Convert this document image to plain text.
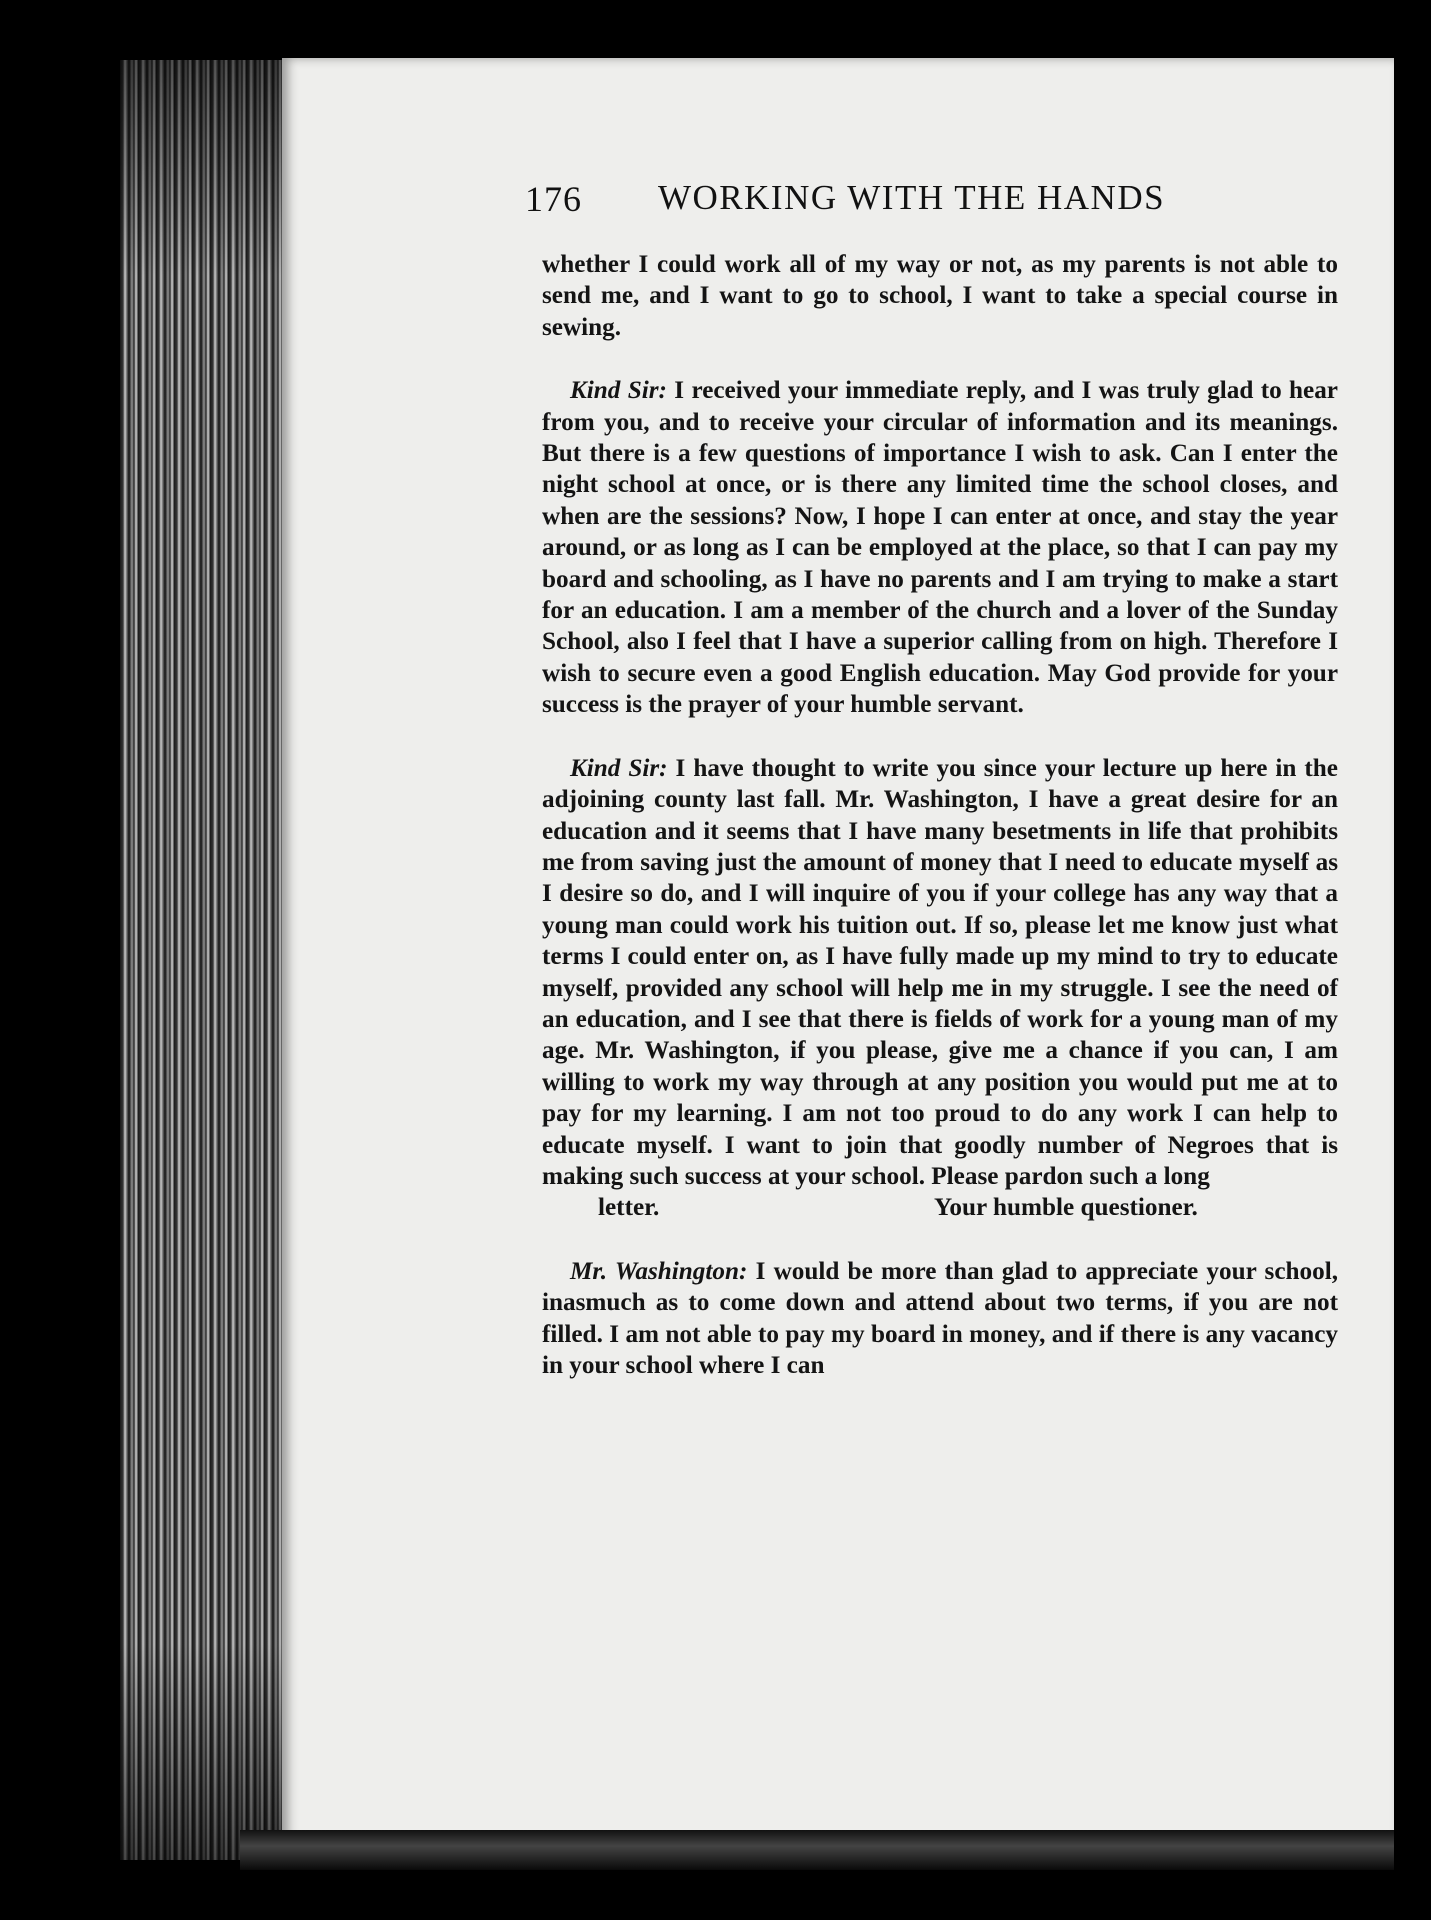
176 WORKING WITH THE HANDS

whether I could work all of my way or not, as my parents is not able to send me, and I want to go to school, I want to take a special course in sewing.

Kind Sir: I received your immediate reply, and I was truly glad to hear from you, and to receive your circular of information and its meanings. But there is a few questions of importance I wish to ask. Can I enter the night school at once, or is there any limited time the school closes, and when are the sessions? Now, I hope I can enter at once, and stay the year around, or as long as I can be employed at the place, so that I can pay my board and schooling, as I have no parents and I am trying to make a start for an education. I am a member of the church and a lover of the Sunday School, also I feel that I have a superior calling from on high. Therefore I wish to secure even a good English education. May God provide for your success is the prayer of your humble servant.

Kind Sir: I have thought to write you since your lecture up here in the adjoining county last fall. Mr. Washington, I have a great desire for an education and it seems that I have many besetments in life that prohibits me from saving just the amount of money that I need to educate myself as I desire so do, and I will inquire of you if your college has any way that a young man could work his tuition out. If so, please let me know just what terms I could enter on, as I have fully made up my mind to try to educate myself, provided any school will help me in my struggle. I see the need of an education, and I see that there is fields of work for a young man of my age. Mr. Washington, if you please, give me a chance if you can, I am willing to work my way through at any position you would put me at to pay for my learning. I am not too proud to do any work I can help to educate myself. I want to join that goodly number of Negroes that is making such success at your school. Please pardon such a long
letter.	Your humble questioner.

Mr. Washington: I would be more than glad to appreciate your school, inasmuch as to come down and attend about two terms, if you are not filled. I am not able to pay my board in money, and if there is any vacancy in your school where I can
